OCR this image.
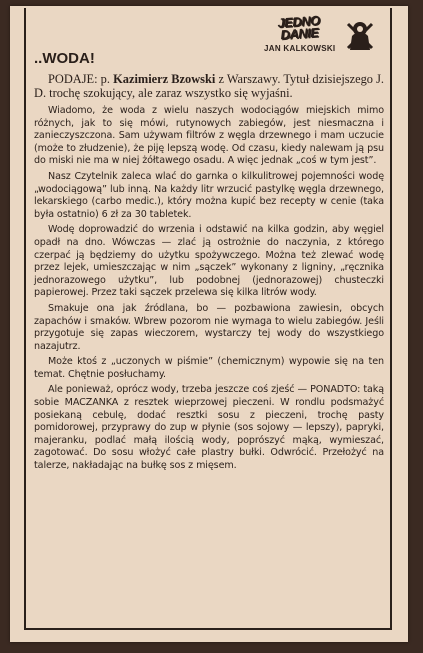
JEDNO DANIE
JAN KALKOWSKI
..WODA!

PODAJE: p. Kazimierz Bzowski z Warszawy. Tytuł dzisiejszego J. D. trochę szokujący, ale zaraz wszystko się wyjaśni.

Wiadomo, że woda z wielu naszych wodociągów miejskich mimo różnych, jak to się mówi, rutynowych zabiegów, jest niesmaczna i zanieczyszczona. Sam używam filtrów z węgla drzewnego i mam uczucie (może to złudzenie), że piję lepszą wodę. Od czasu, kiedy nalewam ją psu do miski nie ma w niej żółtawego osadu. A więc jednak „coś w tym jest”.

Nasz Czytelnik zaleca wlać do garnka o kilkulitrowej pojemności wodę „wodociągową” lub inną. Na każdy litr wrzucić pastylkę węgla drzewnego, lekarskiego (carbo medic.), który można kupić bez recepty w cenie (taka była ostatnio) 6 zł za 30 tabletek.

Wodę doprowadzić do wrzenia i odstawić na kilka godzin, aby węgiel opadł na dno. Wówczas — zlać ją ostrożnie do naczynia, z którego czerpać ją będziemy do użytku spożywczego. Można też zlewać wodę przez lejek, umieszczając w nim „sączek” wykonany z ligniny, „ręcznika jednorazowego użytku”, lub podobnej (jednorazowej) chusteczki papierowej. Przez taki sączek przelewa się kilka litrów wody.

Smakuje ona jak źródlana, bo — pozbawiona zawiesin, obcych zapachów i smaków. Wbrew pozorom nie wymaga to wielu zabiegów. Jeśli przygotuje się zapas wieczorem, wystarczy tej wody do wszystkiego nazajutrz.

Może ktoś z „uczonych w piśmie” (chemicznym) wypowie się na ten temat. Chętnie posłuchamy.

Ale ponieważ, oprócz wody, trzeba jeszcze coś zjeść — PONADTO: taką sobie MACZANKA z resztek wieprzowej pieczeni. W rondlu podsmażyć posiekaną cebulę, dodać resztki sosu z pieczeni, trochę pasty pomidorowej, przyprawy do zup w płynie (sos sojowy — lepszy), papryki, majeranku, podlać małą ilością wody, poprószyć mąką, wymieszać, zagotować. Do sosu włożyć całe plastry bułki. Odwrócić. Przełożyć na talerze, nakładając na bułkę sos z mięsem.
